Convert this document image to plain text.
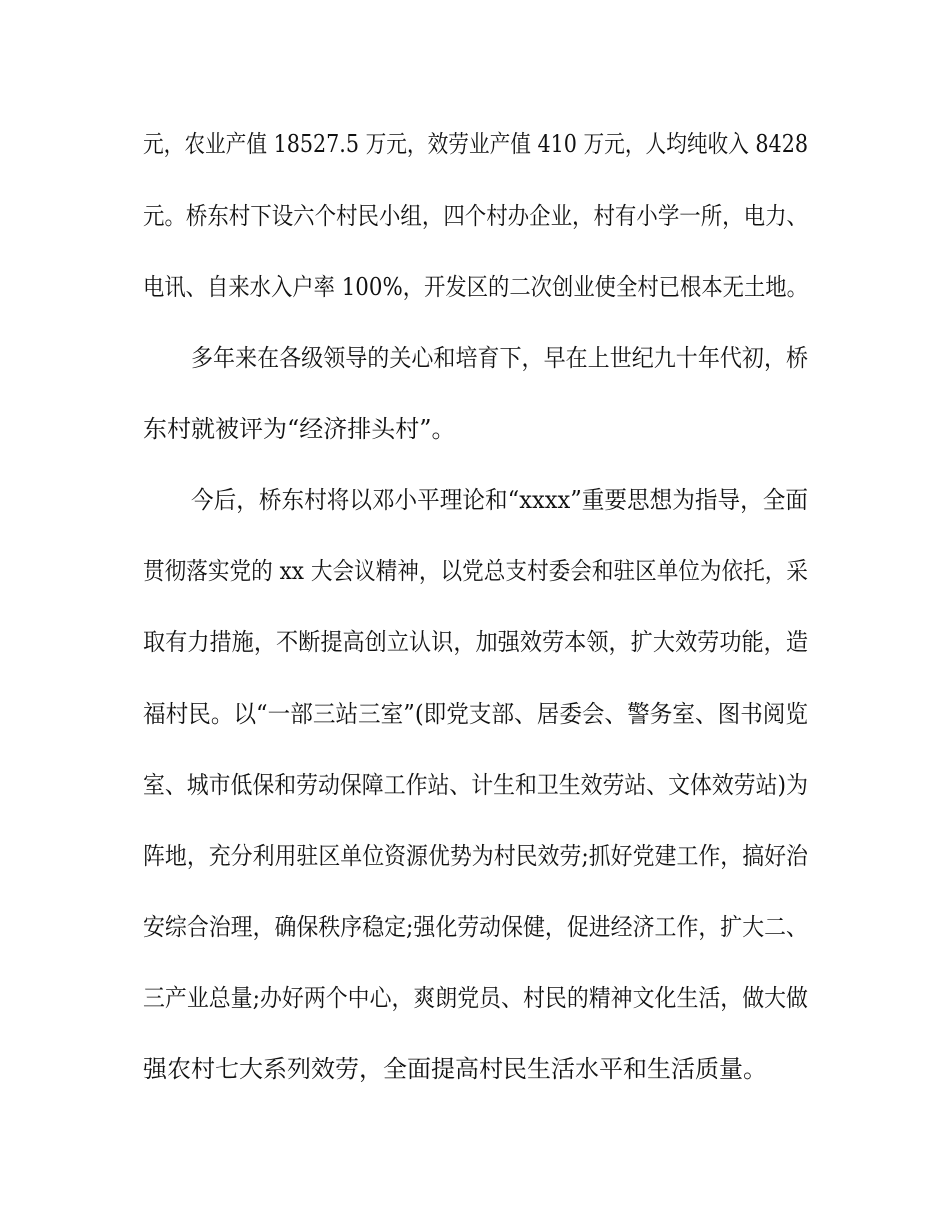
元，农业产值 18527.5 万元，效劳业产值 410 万元，人均纯收入 8428
元。桥东村下设六个村民小组，四个村办企业，村有小学一所，电力、
电讯、自来水入户率 100%，开发区的二次创业使全村已根本无土地。
多年来在各级领导的关心和培育下，早在上世纪九十年代初，桥
东村就被评为“经济排头村”。
今后，桥东村将以邓小平理论和“xxxx”重要思想为指导，全面
贯彻落实党的 xx 大会议精神，以党总支村委会和驻区单位为依托，采
取有力措施，不断提高创立认识，加强效劳本领，扩大效劳功能，造
福村民。以“一部三站三室”(即党支部、居委会、警务室、图书阅览
室、城市低保和劳动保障工作站、计生和卫生效劳站、文体效劳站)为
阵地，充分利用驻区单位资源优势为村民效劳;抓好党建工作，搞好治
安综合治理，确保秩序稳定;强化劳动保健，促进经济工作，扩大二、
三产业总量;办好两个中心，爽朗党员、村民的精神文化生活，做大做
强农村七大系列效劳，全面提高村民生活水平和生活质量。
